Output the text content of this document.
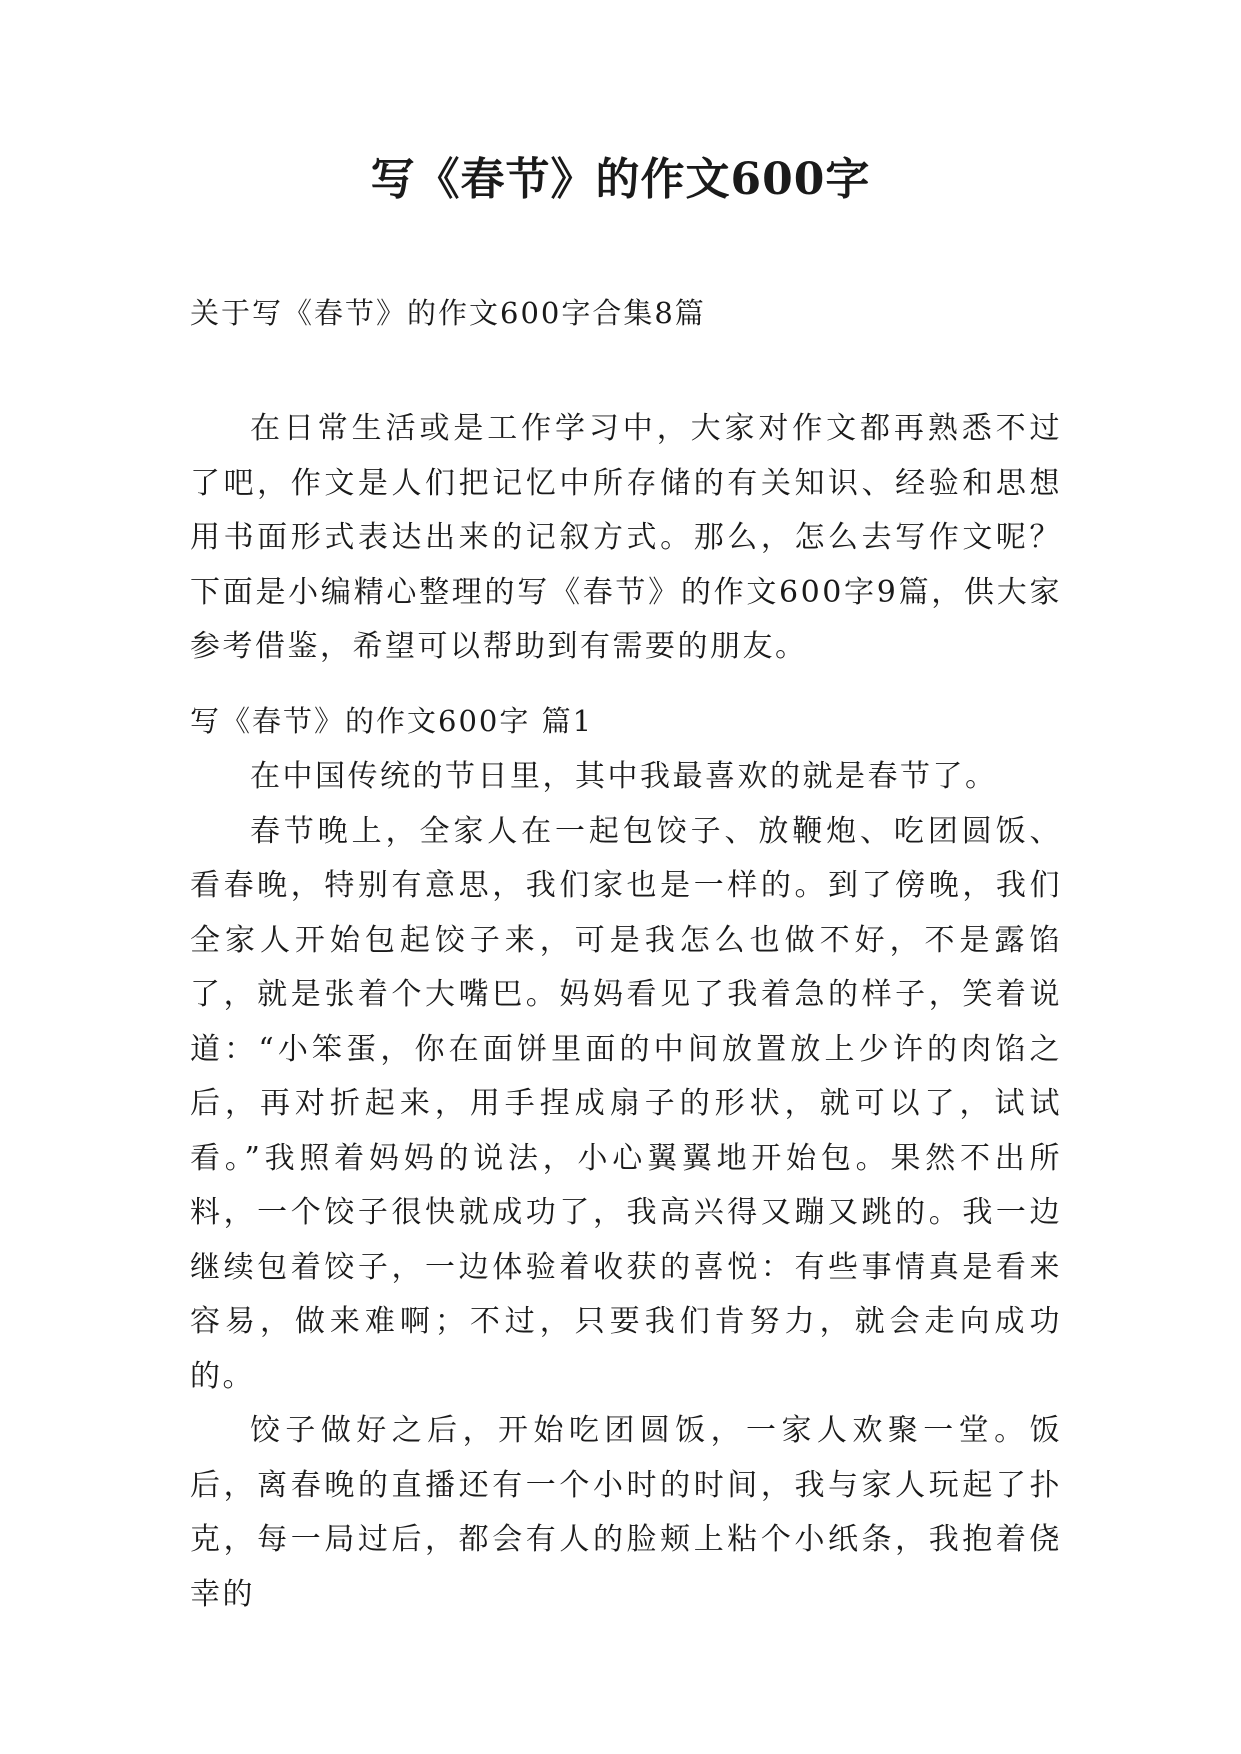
写《春节》的作文600字
关于写《春节》的作文600字合集8篇

在日常生活或是工作学习中，大家对作文都再熟悉不过了吧，作文是人们把记忆中所存储的有关知识、经验和思想用书面形式表达出来的记叙方式。那么，怎么去写作文呢？下面是小编精心整理的写《春节》的作文600字9篇，供大家参考借鉴，希望可以帮助到有需要的朋友。

写《春节》的作文600字 篇1

在中国传统的节日里，其中我最喜欢的就是春节了。

春节晚上，全家人在一起包饺子、放鞭炮、吃团圆饭、看春晚，特别有意思，我们家也是一样的。到了傍晚，我们全家人开始包起饺子来，可是我怎么也做不好，不是露馅了，就是张着个大嘴巴。妈妈看见了我着急的样子，笑着说道：“小笨蛋，你在面饼里面的中间放置放上少许的肉馅之后，再对折起来，用手捏成扇子的形状，就可以了，试试看。”我照着妈妈的说法，小心翼翼地开始包。果然不出所料，一个饺子很快就成功了，我高兴得又蹦又跳的。我一边继续包着饺子，一边体验着收获的喜悦：有些事情真是看来容易，做来难啊；不过，只要我们肯努力，就会走向成功的。

饺子做好之后，开始吃团圆饭，一家人欢聚一堂。饭后，离春晚的直播还有一个小时的时间，我与家人玩起了扑克，每一局过后，都会有人的脸颊上粘个小纸条，我抱着侥幸的
